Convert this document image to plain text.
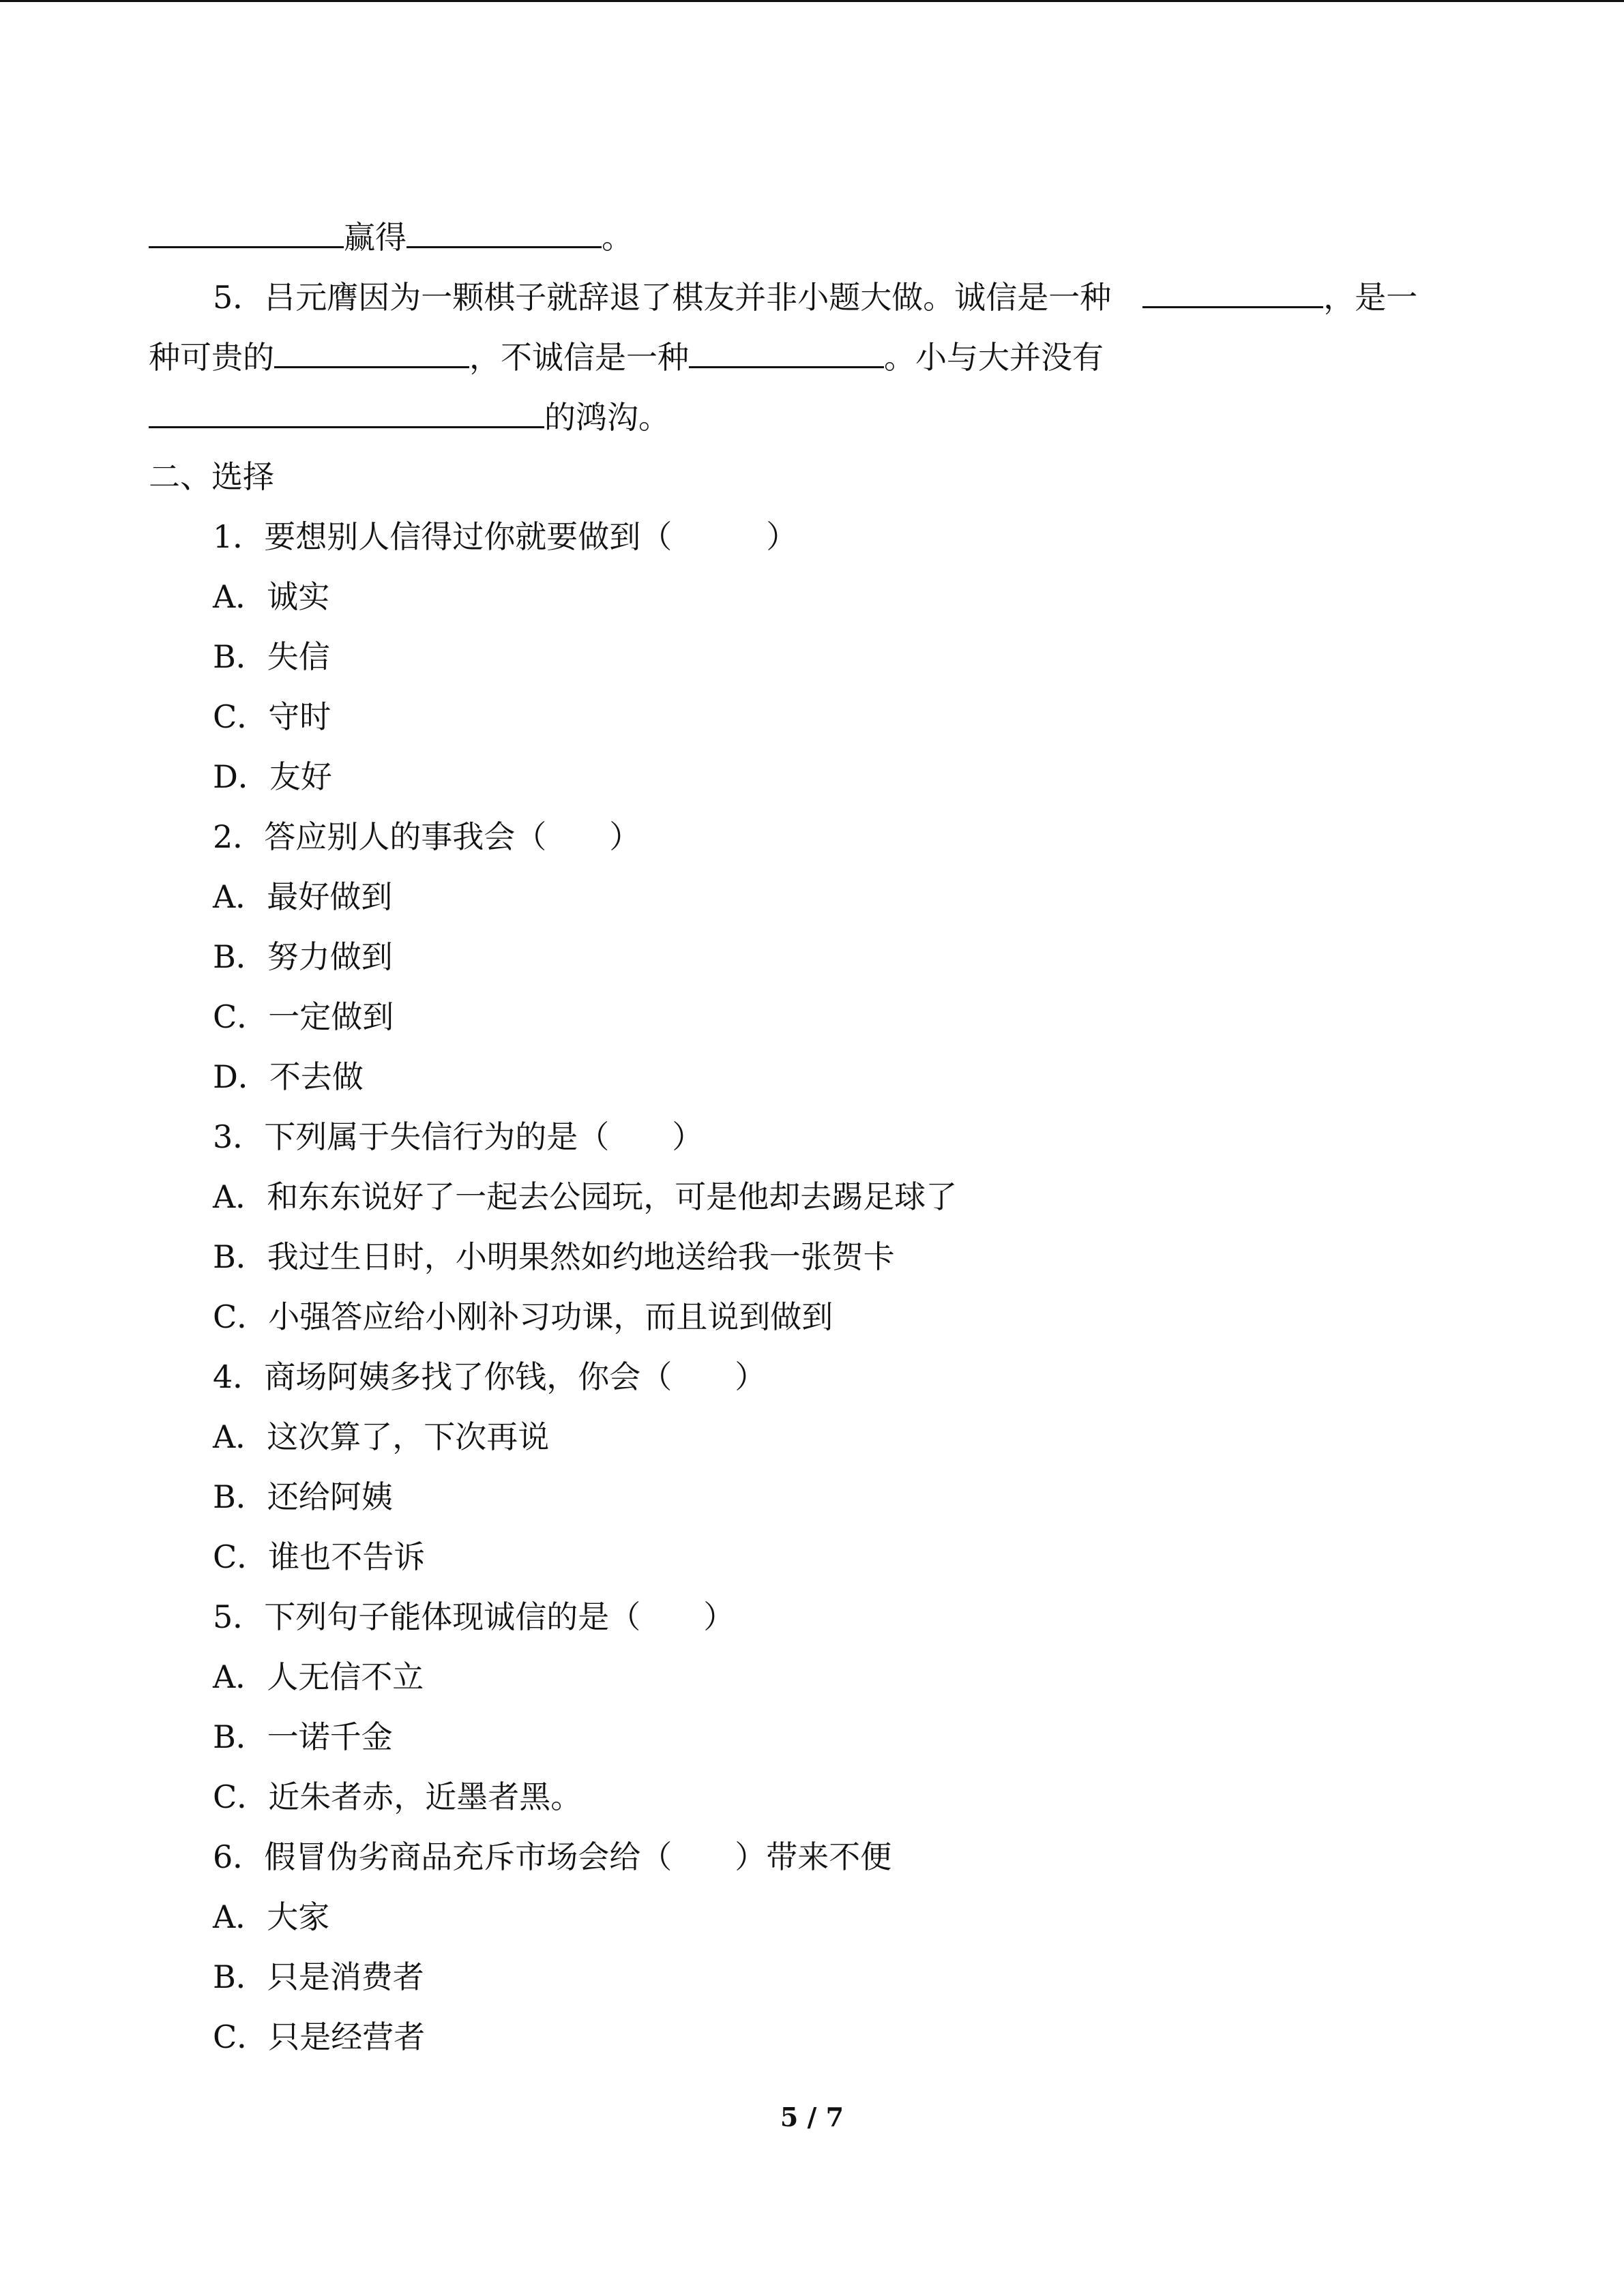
赢得	。
5．吕元膺因为一颗棋子就辞退了棋友并非小题大做。诚信是一种	，是一
种可贵的	，不诚信是一种	。小与大并没有
的鸿沟。
二、选择
1．要想别人信得过你就要做到（　　　）
A．诚实
B．失信
C．守时
D．友好
2．答应别人的事我会（　　）
A．最好做到
B．努力做到
C．一定做到
D．不去做
3．下列属于失信行为的是（　　）
A．和东东说好了一起去公园玩，可是他却去踢足球了
B．我过生日时，小明果然如约地送给我一张贺卡
C．小强答应给小刚补习功课，而且说到做到
4．商场阿姨多找了你钱，你会（　　）
A．这次算了，下次再说
B．还给阿姨
C．谁也不告诉
5．下列句子能体现诚信的是（　　）
A．人无信不立
B．一诺千金
C．近朱者赤，近墨者黑。
6．假冒伪劣商品充斥市场会给（　　）带来不便
A．大家
B．只是消费者
C．只是经营者
5 / 7
